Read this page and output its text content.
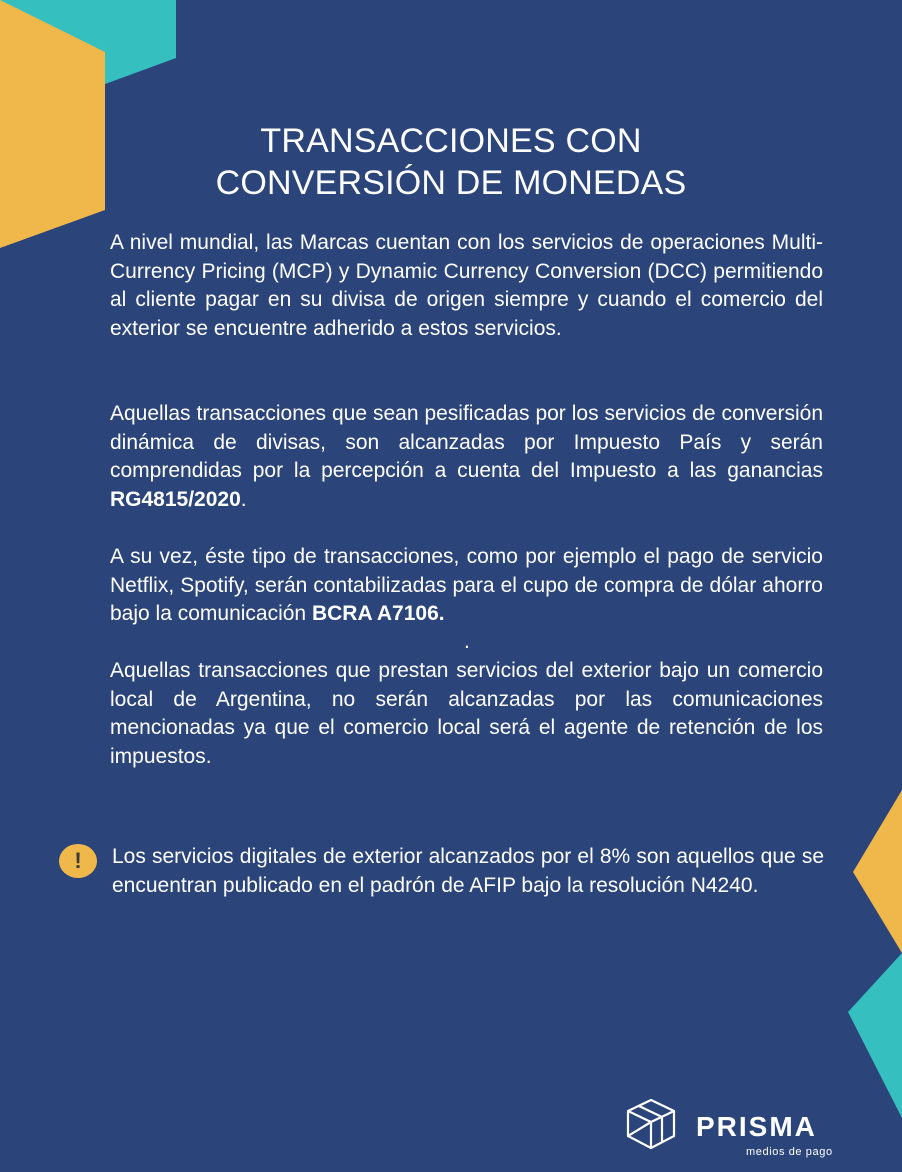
TRANSACCIONES CON
CONVERSIÓN DE MONEDAS

A nivel mundial, las Marcas cuentan con los servicios de operaciones Multi-Currency Pricing (MCP) y Dynamic Currency Conversion (DCC) permitiendo al cliente pagar en su divisa de origen siempre y cuando el comercio del exterior se encuentre adherido a estos servicios.

Aquellas transacciones que sean pesificadas por los servicios de conversión dinámica de divisas, son alcanzadas por Impuesto País y serán comprendidas por la percepción a cuenta del Impuesto a las ganancias RG4815/2020.

A su vez, éste tipo de transacciones, como por ejemplo el pago de servicio Netflix, Spotify, serán contabilizadas para el cupo de compra de dólar ahorro bajo la comunicación BCRA A7106.

.

Aquellas transacciones que prestan servicios del exterior bajo un comercio local de Argentina, no serán alcanzadas por las comunicaciones mencionadas ya que el comercio local será el agente de retención de los impuestos.

!	Los servicios digitales de exterior alcanzados por el 8% son aquellos que se encuentran publicado en el padrón de AFIP bajo la resolución N4240.

PRISMA

medios de pago
